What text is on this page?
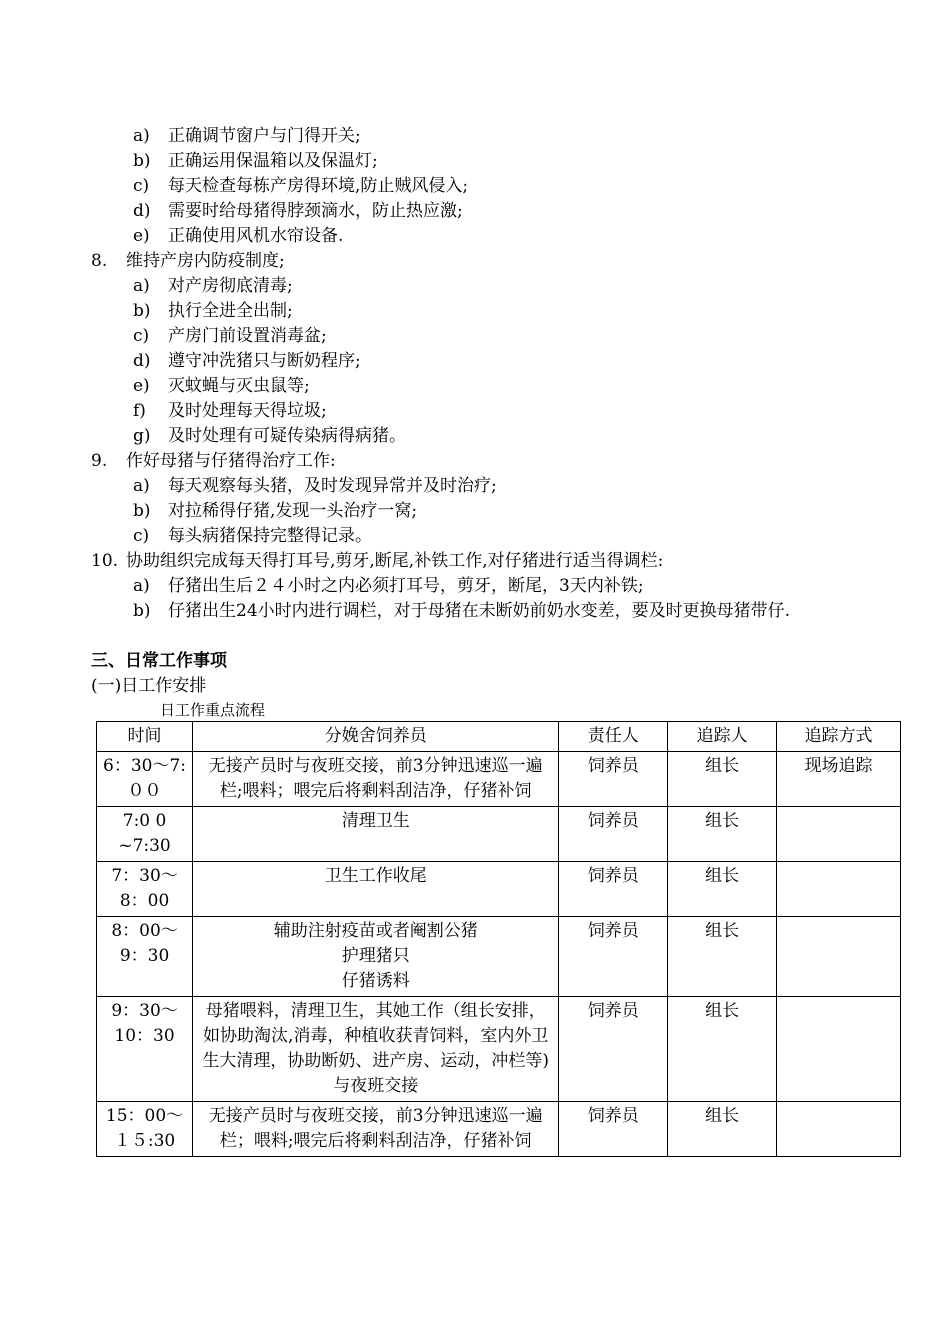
a) 正确调节窗户与门得开关;
b) 正确运用保温箱以及保温灯;
c) 每天检查每栋产房得环境,防止贼风侵入;
d) 需要时给母猪得脖颈滴水，防止热应激;
e) 正确使用风机水帘设备.
8. 维持产房内防疫制度;
a) 对产房彻底清毒;
b) 执行全进全出制;
c) 产房门前设置消毒盆;
d) 遵守冲洗猪只与断奶程序;
e) 灭蚊蝇与灭虫鼠等;
f) 及时处理每天得垃圾;
g) 及时处理有可疑传染病得病猪。
9. 作好母猪与仔猪得治疗工作:
a) 每天观察每头猪，及时发现异常并及时治疗;
b) 对拉稀得仔猪,发现一头治疗一窝;
c) 每头病猪保持完整得记录。
10. 协助组织完成每天得打耳号,剪牙,断尾,补铁工作,对仔猪进行适当得调栏:
a) 仔猪出生后２４小时之内必须打耳号，剪牙，断尾，3天内补铁;
b) 仔猪出生24小时内进行调栏，对于母猪在未断奶前奶水变差，要及时更换母猪带仔.
三、日常工作事项
(一)日工作安排
日工作重点流程
时间	分娩舍饲养员	责任人	追踪人	追踪方式
6：30～7:００	无接产员时与夜班交接，前3分钟迅速巡一遍栏;喂料；喂完后将剩料刮洁净，仔猪补饲	饲养员	组长	现场追踪
7:0 0 ~7:30	清理卫生	饲养员	组长	
7：30～8：00	卫生工作收尾	饲养员	组长	
8：00～9：30	辅助注射疫苗或者阉割公猪
护理猪只
仔猪诱料	饲养员	组长	
9：30～10：30	母猪喂料，清理卫生，其她工作（组长安排，如协助淘汰,消毒，种植收获青饲料，室内外卫生大清理，协助断奶、进产房、运动，冲栏等)
与夜班交接	饲养员	组长	
15：00～１５:30	无接产员时与夜班交接，前3分钟迅速巡一遍栏；喂料;喂完后将剩料刮洁净，仔猪补饲	饲养员	组长	
